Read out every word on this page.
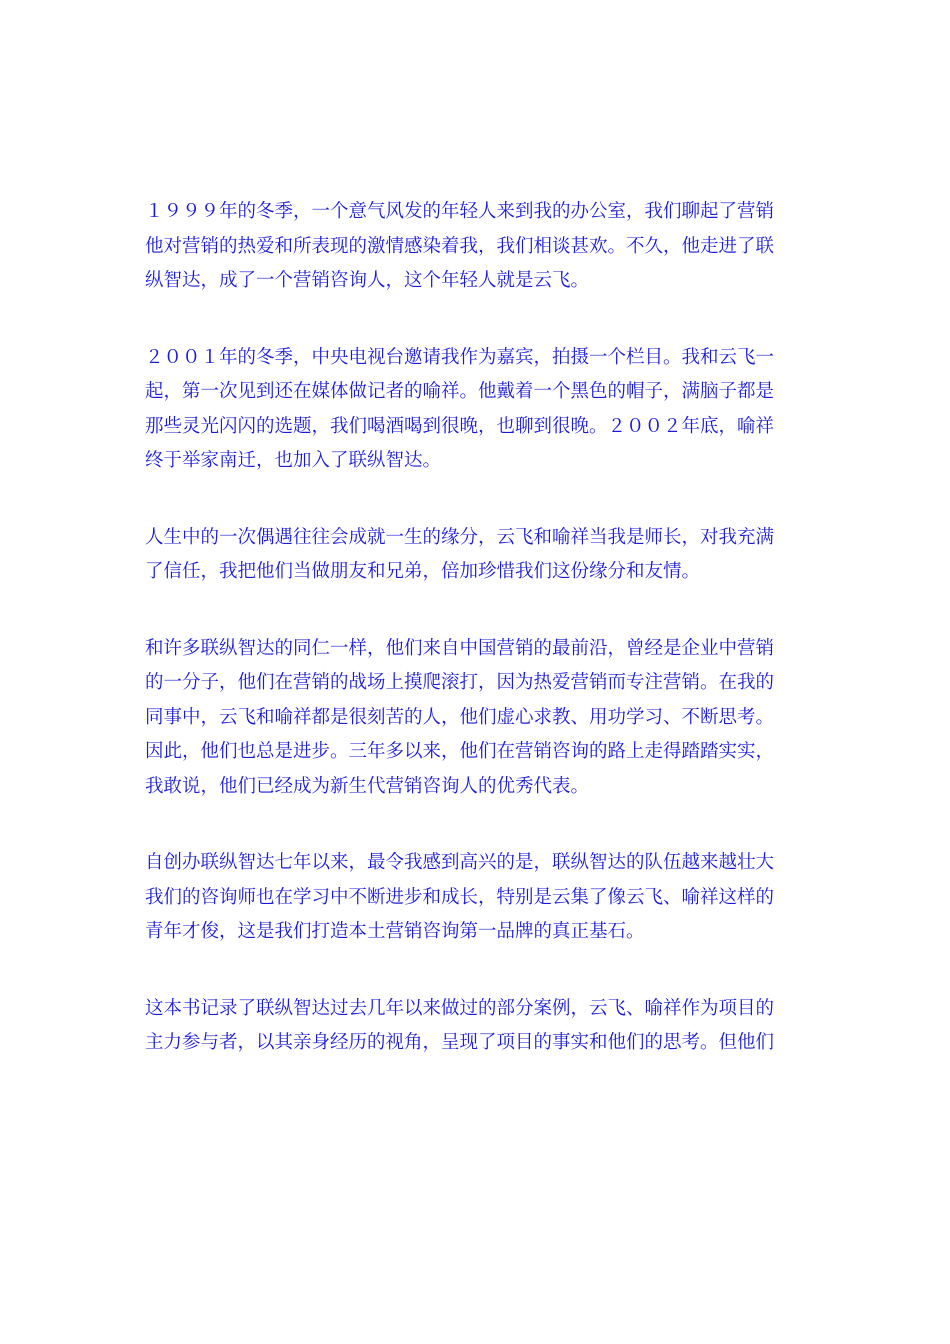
１９９９年的冬季，一个意气风发的年轻人来到我的办公室，我们聊起了营销
他对营销的热爱和所表现的激情感染着我，我们相谈甚欢。不久，他走进了联
纵智达，成了一个营销咨询人，这个年轻人就是云飞。

２００１年的冬季，中央电视台邀请我作为嘉宾，拍摄一个栏目。我和云飞一
起，第一次见到还在媒体做记者的喻祥。他戴着一个黑色的帽子，满脑子都是
那些灵光闪闪的选题，我们喝酒喝到很晚，也聊到很晚。２００２年底，喻祥
终于举家南迁，也加入了联纵智达。

人生中的一次偶遇往往会成就一生的缘分，云飞和喻祥当我是师长，对我充满
了信任，我把他们当做朋友和兄弟，倍加珍惜我们这份缘分和友情。

和许多联纵智达的同仁一样，他们来自中国营销的最前沿，曾经是企业中营销
的一分子，他们在营销的战场上摸爬滚打，因为热爱营销而专注营销。在我的
同事中，云飞和喻祥都是很刻苦的人，他们虚心求教、用功学习、不断思考。
因此，他们也总是进步。三年多以来，他们在营销咨询的路上走得踏踏实实，
我敢说，他们已经成为新生代营销咨询人的优秀代表。

自创办联纵智达七年以来，最令我感到高兴的是，联纵智达的队伍越来越壮大
我们的咨询师也在学习中不断进步和成长，特别是云集了像云飞、喻祥这样的
青年才俊，这是我们打造本土营销咨询第一品牌的真正基石。

这本书记录了联纵智达过去几年以来做过的部分案例，云飞、喻祥作为项目的
主力参与者，以其亲身经历的视角，呈现了项目的事实和他们的思考。但他们
